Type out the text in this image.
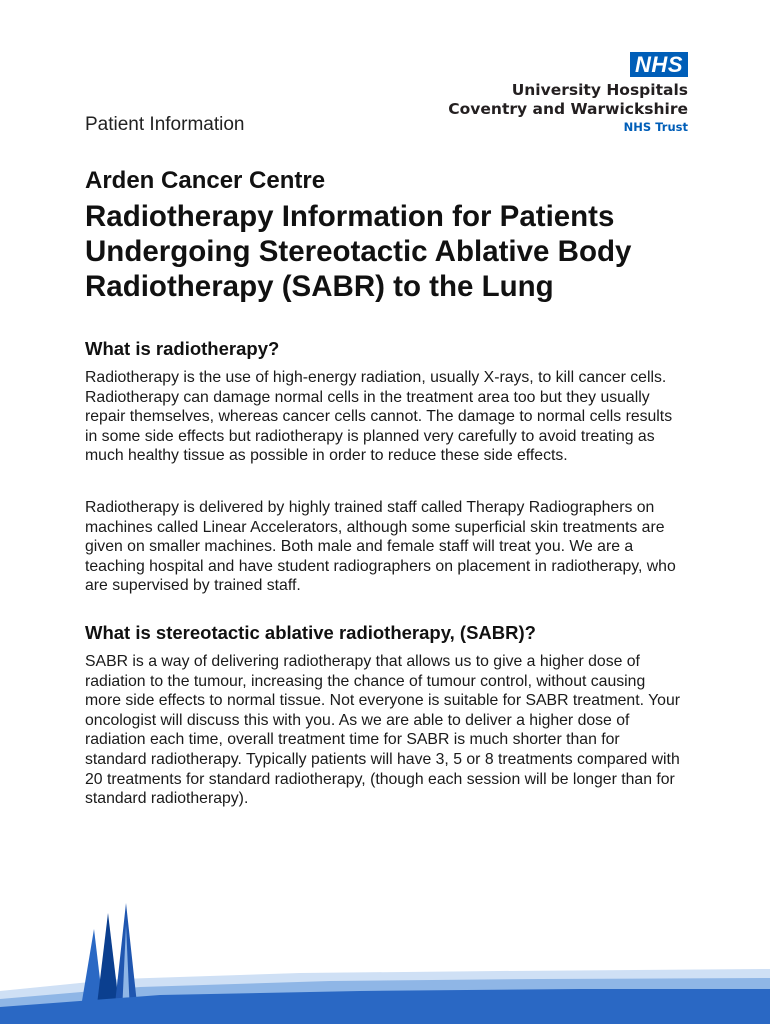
Patient Information
NHS
University Hospitals
Coventry and Warwickshire
NHS Trust
Arden Cancer Centre
Radiotherapy Information for Patients Undergoing Stereotactic Ablative Body Radiotherapy (SABR) to the Lung
What is radiotherapy?

Radiotherapy is the use of high-energy radiation, usually X-rays, to kill cancer cells. Radiotherapy can damage normal cells in the treatment area too but they usually repair themselves, whereas cancer cells cannot. The damage to normal cells results in some side effects but radiotherapy is planned very carefully to avoid treating as much healthy tissue as possible in order to reduce these side effects.

Radiotherapy is delivered by highly trained staff called Therapy Radiographers on machines called Linear Accelerators, although some superficial skin treatments are given on smaller machines. Both male and female staff will treat you. We are a teaching hospital and have student radiographers on placement in radiotherapy, who are supervised by trained staff.

What is stereotactic ablative radiotherapy, (SABR)?

SABR is a way of delivering radiotherapy that allows us to give a higher dose of radiation to the tumour, increasing the chance of tumour control, without causing more side effects to normal tissue. Not everyone is suitable for SABR treatment. Your oncologist will discuss this with you. As we are able to deliver a higher dose of radiation each time, overall treatment time for SABR is much shorter than for standard radiotherapy. Typically patients will have 3, 5 or 8 treatments compared with 20 treatments for standard radiotherapy, (though each session will be longer than for standard radiotherapy).
